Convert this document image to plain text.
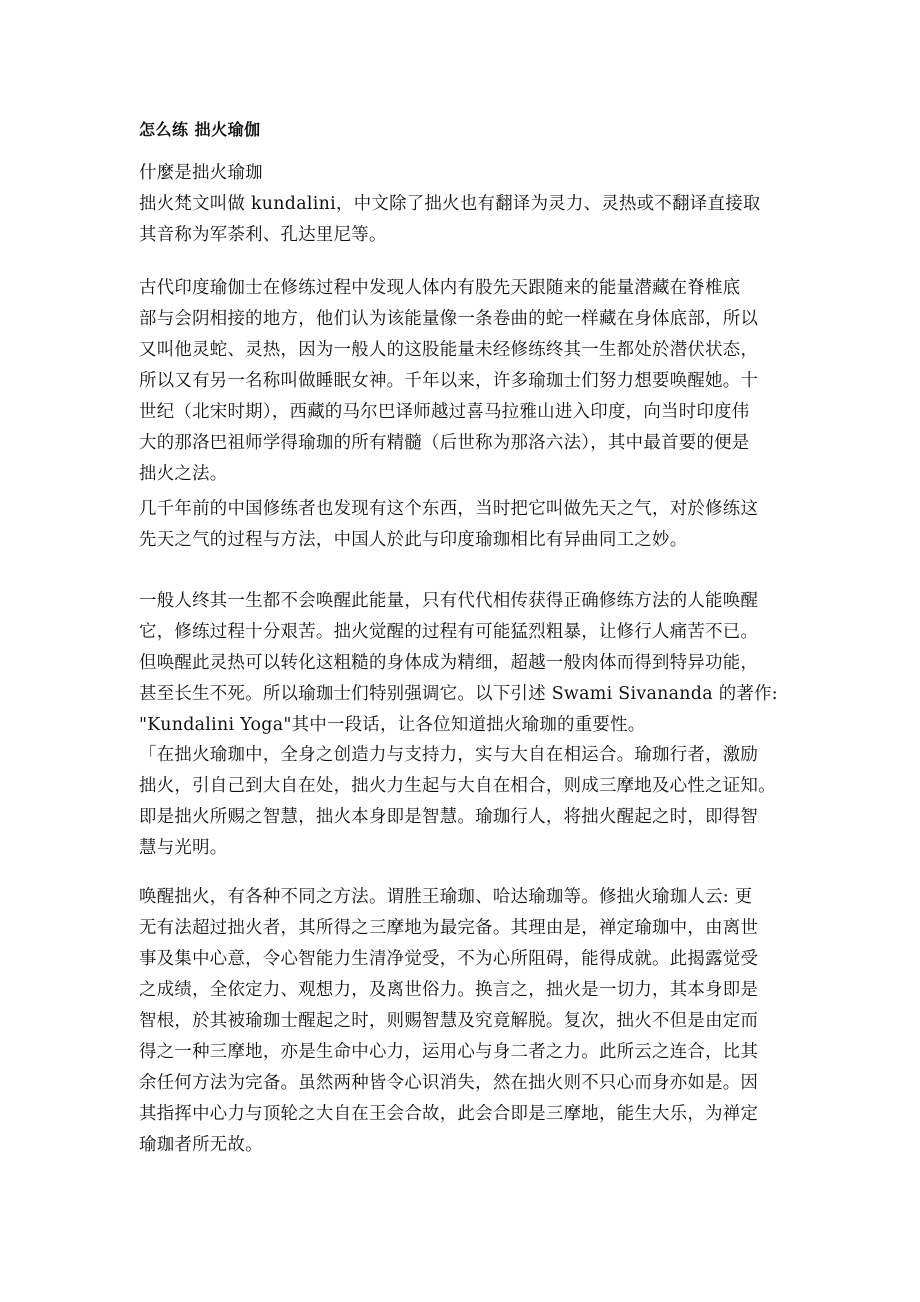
怎么练 拙火瑜伽
什麼是拙火瑜珈
拙火梵文叫做 kundalini，中文除了拙火也有翻译为灵力、灵热或不翻译直接取
其音称为军荼利、孔达里尼等。
古代印度瑜伽士在修练过程中发现人体内有股先天跟随来的能量潜藏在脊椎底
部与会阴相接的地方，他们认为该能量像一条卷曲的蛇一样藏在身体底部，所以
又叫他灵蛇、灵热，因为一般人的这股能量未经修练终其一生都处於潜伏状态，
所以又有另一名称叫做睡眠女神。千年以来，许多瑜珈士们努力想要唤醒她。十
世纪（北宋时期），西藏的马尔巴译师越过喜马拉雅山进入印度，向当时印度伟
大的那洛巴祖师学得瑜珈的所有精髓（后世称为那洛六法），其中最首要的便是
拙火之法。
几千年前的中国修练者也发现有这个东西，当时把它叫做先天之气，对於修练这
先天之气的过程与方法，中国人於此与印度瑜珈相比有异曲同工之妙。
一般人终其一生都不会唤醒此能量，只有代代相传获得正确修练方法的人能唤醒
它，修练过程十分艰苦。拙火觉醒的过程有可能猛烈粗暴，让修行人痛苦不已。
但唤醒此灵热可以转化这粗糙的身体成为精细，超越一般肉体而得到特异功能，
甚至长生不死。所以瑜珈士们特别强调它。以下引述 Swami Sivananda 的著作:
"Kundalini Yoga"其中一段话，让各位知道拙火瑜珈的重要性。
「在拙火瑜珈中，全身之创造力与支持力，实与大自在相运合。瑜珈行者，激励
拙火，引自己到大自在处，拙火力生起与大自在相合，则成三摩地及心性之证知。
即是拙火所赐之智慧，拙火本身即是智慧。瑜珈行人，将拙火醒起之时，即得智
慧与光明。
唤醒拙火，有各种不同之方法。谓胜王瑜珈、哈达瑜珈等。修拙火瑜珈人云: 更
无有法超过拙火者，其所得之三摩地为最完备。其理由是，禅定瑜珈中，由离世
事及集中心意，令心智能力生清净觉受，不为心所阻碍，能得成就。此揭露觉受
之成绩，全依定力、观想力，及离世俗力。换言之，拙火是一切力，其本身即是
智根，於其被瑜珈士醒起之时，则赐智慧及究竟解脱。复次，拙火不但是由定而
得之一种三摩地，亦是生命中心力，运用心与身二者之力。此所云之连合，比其
余任何方法为完备。虽然两种皆令心识消失，然在拙火则不只心而身亦如是。因
其指挥中心力与顶轮之大自在王会合故，此会合即是三摩地，能生大乐，为禅定
瑜珈者所无故。
